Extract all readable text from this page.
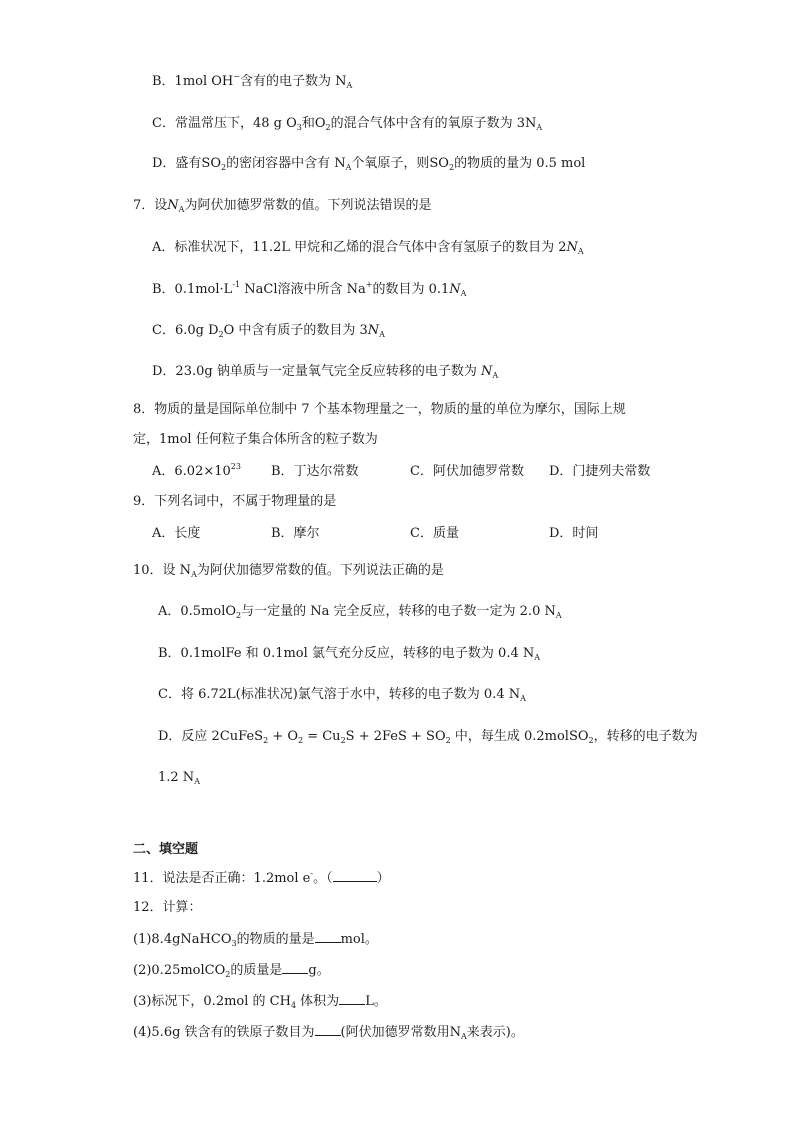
B．1mol OH−含有的电子数为 $N_A$
C．常温常压下，48 g $O_3$和$O_2$的混合气体中含有的氧原子数为 $3N_A$
D．盛有$SO_2$的密闭容器中含有 $N_A$个氧原子，则$SO_2$的物质的量为 0.5 mol
7．设$N_A$为阿伏加德罗常数的值。下列说法错误的是
A．标准状况下，11.2L 甲烷和乙烯的混合气体中含有氢原子的数目为 $2N_A$
B．$0.1mol\cdot L^{-1}$ NaCl溶液中所含 Na+的数目为 $0.1N_A$
C．6.0g $D_2O$ 中含有质子的数目为 $3N_A$
D．23.0g 钠单质与一定量氧气完全反应转移的电子数为 $N_A$
8．物质的量是国际单位制中 7 个基本物理量之一，物质的量的单位为摩尔，国际上规
定，1mol 任何粒子集合体所含的粒子数为
A．$6.02\times 10^{23}$ B．丁达尔常数	C．阿伏加德罗常数 D．门捷列夫常数
9．下列名词中，不属于物理量的是
A．长度	B．摩尔	C．质量	D．时间
10．设 $N_A$为阿伏加德罗常数的值。下列说法正确的是
A．0.5molO$_2$与一定量的 Na 完全反应，转移的电子数一定为 2.0 $N_A$
B．0.1molFe 和 0.1mol 氯气充分反应，转移的电子数为 0.4 $N_A$
C．将 6.72L(标准状况)氯气溶于水中，转移的电子数为 0.4 $N_A$
D．反应 2CuFeS$_2$ + $O_2 = Cu_2S + 2FeS + SO_2$ 中，每生成 0.2molSO$_2$，转移的电子数为
1.2 $N_A$
二、填空题
11．说法是否正确：1.2mol e-。（	）
12．计算：
(1)8.4gNaHCO$_3$的物质的量是 mol。
(2)0.25molCO$_2$的质量是 g。
(3)标况下，0.2mol 的 $CH_4$ 体积为 L。
(4)5.6g 铁含有的铁原子数目为 (阿伏加德罗常数用$N_A$来表示)。
